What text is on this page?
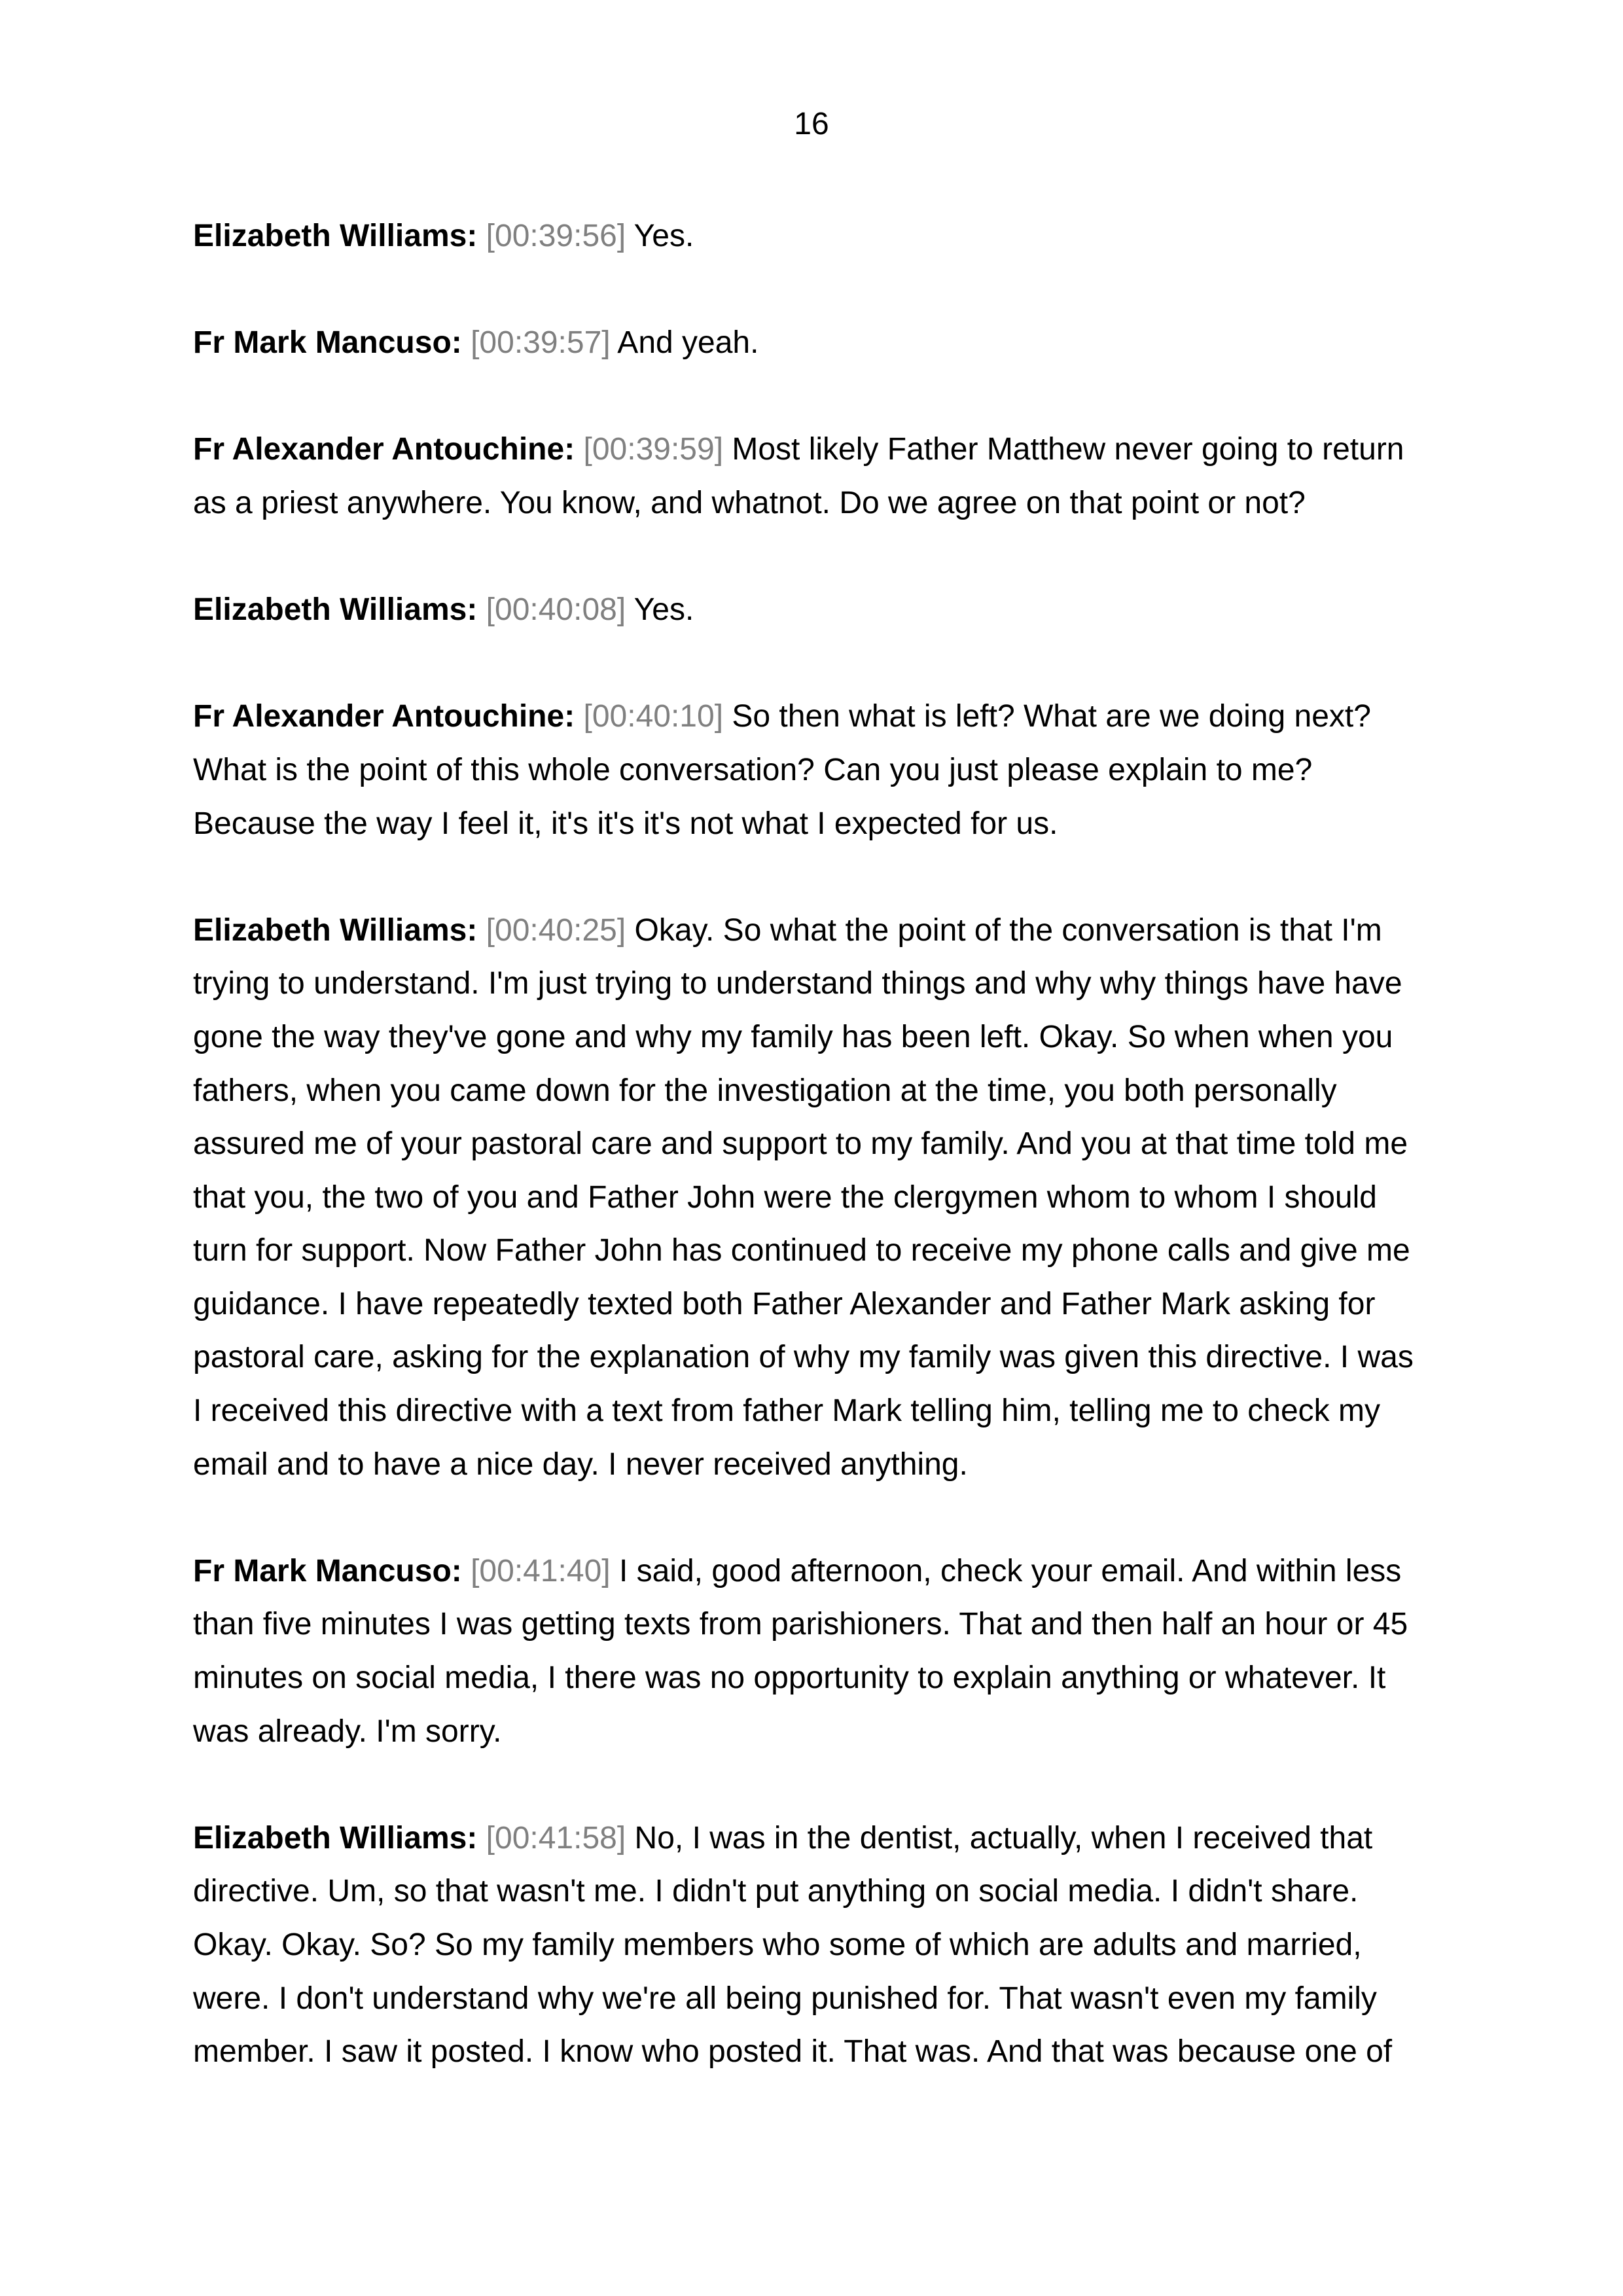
16

Elizabeth Williams: [00:39:56] Yes.

Fr Mark Mancuso: [00:39:57] And yeah.

Fr Alexander Antouchine: [00:39:59] Most likely Father Matthew never going to return
as a priest anywhere. You know, and whatnot. Do we agree on that point or not?

Elizabeth Williams: [00:40:08] Yes.

Fr Alexander Antouchine: [00:40:10] So then what is left? What are we doing next?
What is the point of this whole conversation? Can you just please explain to me?
Because the way I feel it, it's it's it's not what I expected for us.

Elizabeth Williams: [00:40:25] Okay. So what the point of the conversation is that I'm
trying to understand. I'm just trying to understand things and why why things have have
gone the way they've gone and why my family has been left. Okay. So when when you
fathers, when you came down for the investigation at the time, you both personally
assured me of your pastoral care and support to my family. And you at that time told me
that you, the two of you and Father John were the clergymen whom to whom I should
turn for support. Now Father John has continued to receive my phone calls and give me
guidance. I have repeatedly texted both Father Alexander and Father Mark asking for
pastoral care, asking for the explanation of why my family was given this directive. I was
I received this directive with a text from father Mark telling him, telling me to check my
email and to have a nice day. I never received anything.

Fr Mark Mancuso: [00:41:40] I said, good afternoon, check your email. And within less
than five minutes I was getting texts from parishioners. That and then half an hour or 45
minutes on social media, I there was no opportunity to explain anything or whatever. It
was already. I'm sorry.

Elizabeth Williams: [00:41:58] No, I was in the dentist, actually, when I received that
directive. Um, so that wasn't me. I didn't put anything on social media. I didn't share.
Okay. Okay. So? So my family members who some of which are adults and married,
were. I don't understand why we're all being punished for. That wasn't even my family
member. I saw it posted. I know who posted it. That was. And that was because one of
